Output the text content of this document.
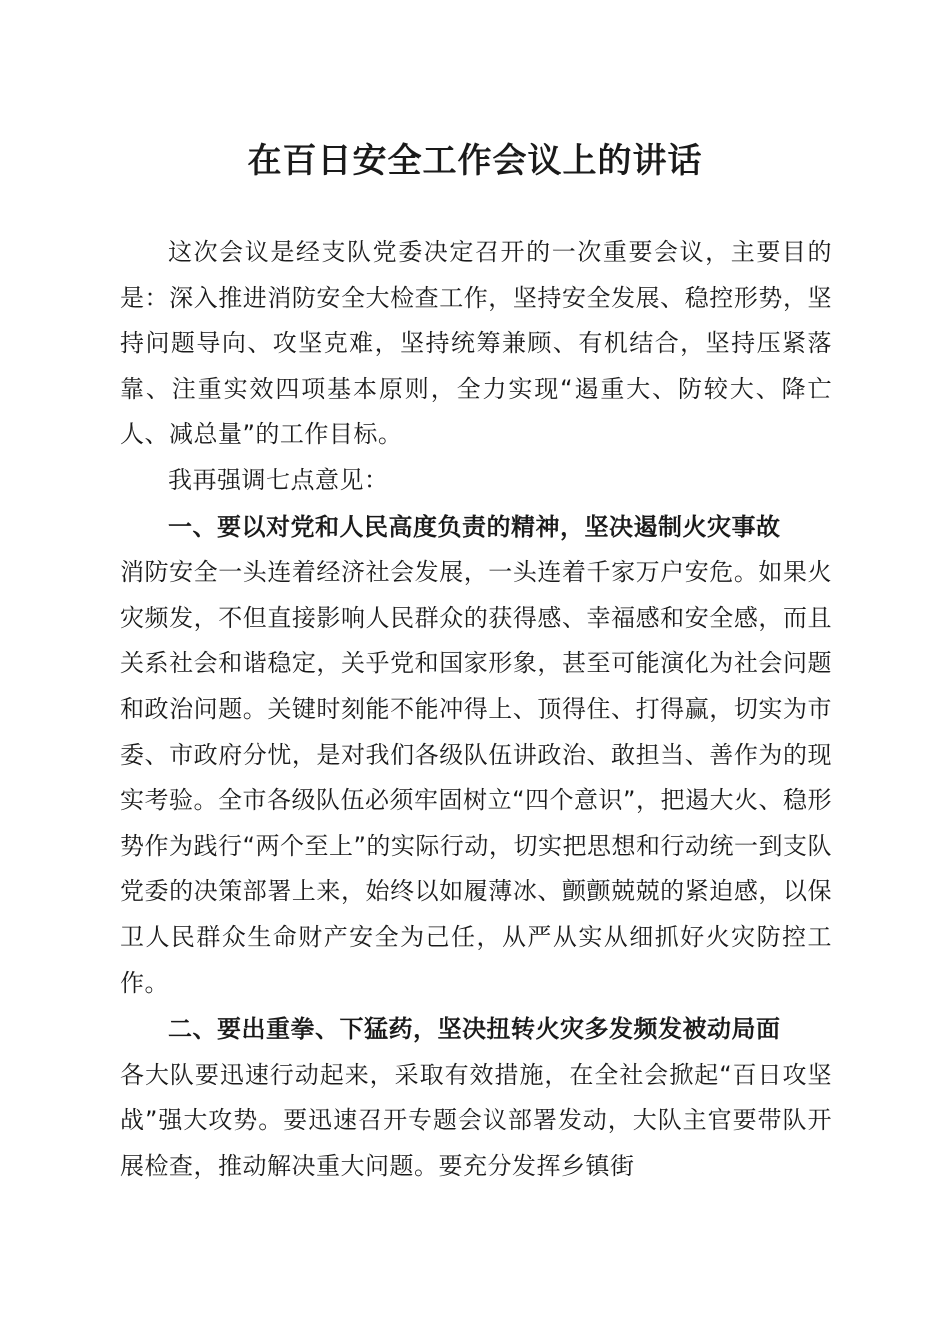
在百日安全工作会议上的讲话

这次会议是经支队党委决定召开的一次重要会议，主要目的是：深入推进消防安全大检查工作，坚持安全发展、稳控形势，坚持问题导向、攻坚克难，坚持统筹兼顾、有机结合，坚持压紧落靠、注重实效四项基本原则，全力实现“遏重大、防较大、降亡人、减总量”的工作目标。

我再强调七点意见：

一、要以对党和人民高度负责的精神，坚决遏制火灾事故

消防安全一头连着经济社会发展，一头连着千家万户安危。如果火灾频发，不但直接影响人民群众的获得感、幸福感和安全感，而且关系社会和谐稳定，关乎党和国家形象，甚至可能演化为社会问题和政治问题。关键时刻能不能冲得上、顶得住、打得赢，切实为市委、市政府分忧，是对我们各级队伍讲政治、敢担当、善作为的现实考验。全市各级队伍必须牢固树立“四个意识”，把遏大火、稳形势作为践行“两个至上”的实际行动，切实把思想和行动统一到支队党委的决策部署上来，始终以如履薄冰、颤颤兢兢的紧迫感，以保卫人民群众生命财产安全为己任，从严从实从细抓好火灾防控工作。

二、要出重拳、下猛药，坚决扭转火灾多发频发被动局面

各大队要迅速行动起来，采取有效措施，在全社会掀起“百日攻坚战”强大攻势。要迅速召开专题会议部署发动，大队主官要带队开展检查，推动解决重大问题。要充分发挥乡镇街
